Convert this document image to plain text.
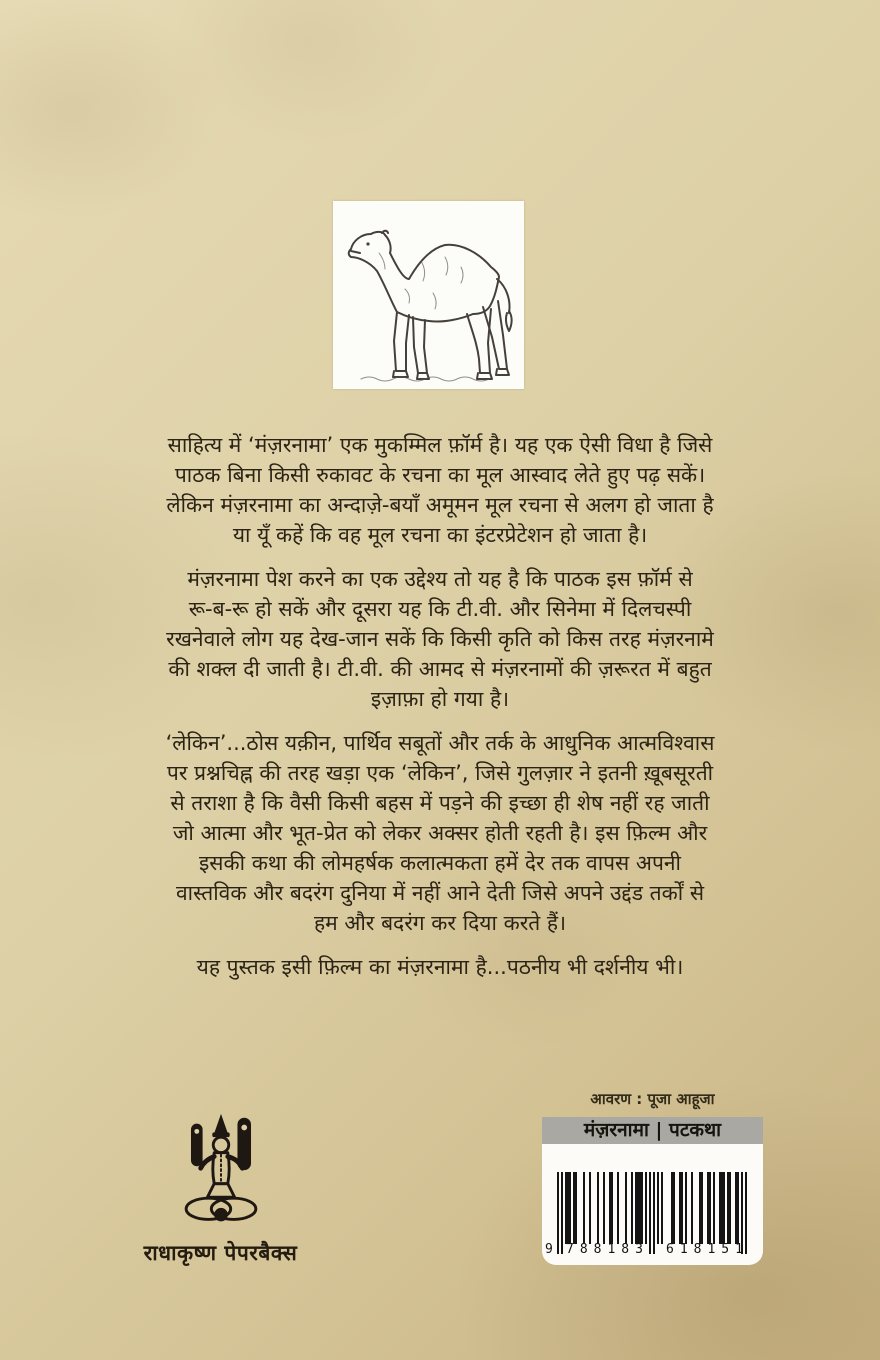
साहित्य में ‘मंज़रनामा’ एक मुकम्मिल फ़ॉर्म है। यह एक ऐसी विधा है जिसे
पाठक बिना किसी रुकावट के रचना का मूल आस्वाद लेते हुए पढ़ सकें।
लेकिन मंज़रनामा का अन्दाज़े-बयाँ अमूमन मूल रचना से अलग हो जाता है
या यूँ कहें कि वह मूल रचना का इंटरप्रेटेशन हो जाता है।
मंज़रनामा पेश करने का एक उद्देश्य तो यह है कि पाठक इस फ़ॉर्म से
रू-ब-रू हो सकें और दूसरा यह कि टी.वी. और सिनेमा में दिलचस्पी
रखनेवाले लोग यह देख-जान सकें कि किसी कृति को किस तरह मंज़रनामे
की शक्ल दी जाती है। टी.वी. की आमद से मंज़रनामों की ज़रूरत में बहुत
इज़ाफ़ा हो गया है।
‘लेकिन’...ठोस यक़ीन, पार्थिव सबूतों और तर्क के आधुनिक आत्मविश्वास
पर प्रश्नचिह्न की तरह खड़ा एक ‘लेकिन’, जिसे गुलज़ार ने इतनी ख़ूबसूरती
से तराशा है कि वैसी किसी बहस में पड़ने की इच्छा ही शेष नहीं रह जाती
जो आत्मा और भूत-प्रेत को लेकर अक्सर होती रहती है। इस फ़िल्म और
इसकी कथा की लोमहर्षक कलात्मकता हमें देर तक वापस अपनी
वास्तविक और बदरंग दुनिया में नहीं आने देती जिसे अपने उद्दंड तर्कों से
हम और बदरंग कर दिया करते हैं।
यह पुस्तक इसी फ़िल्म का मंज़रनामा है...पठनीय भी दर्शनीय भी।
आवरण : पूजा आहूजा
मंज़रनामा | पटकथा
9 788183 618151
राधाकृष्ण पेपरबैक्स
